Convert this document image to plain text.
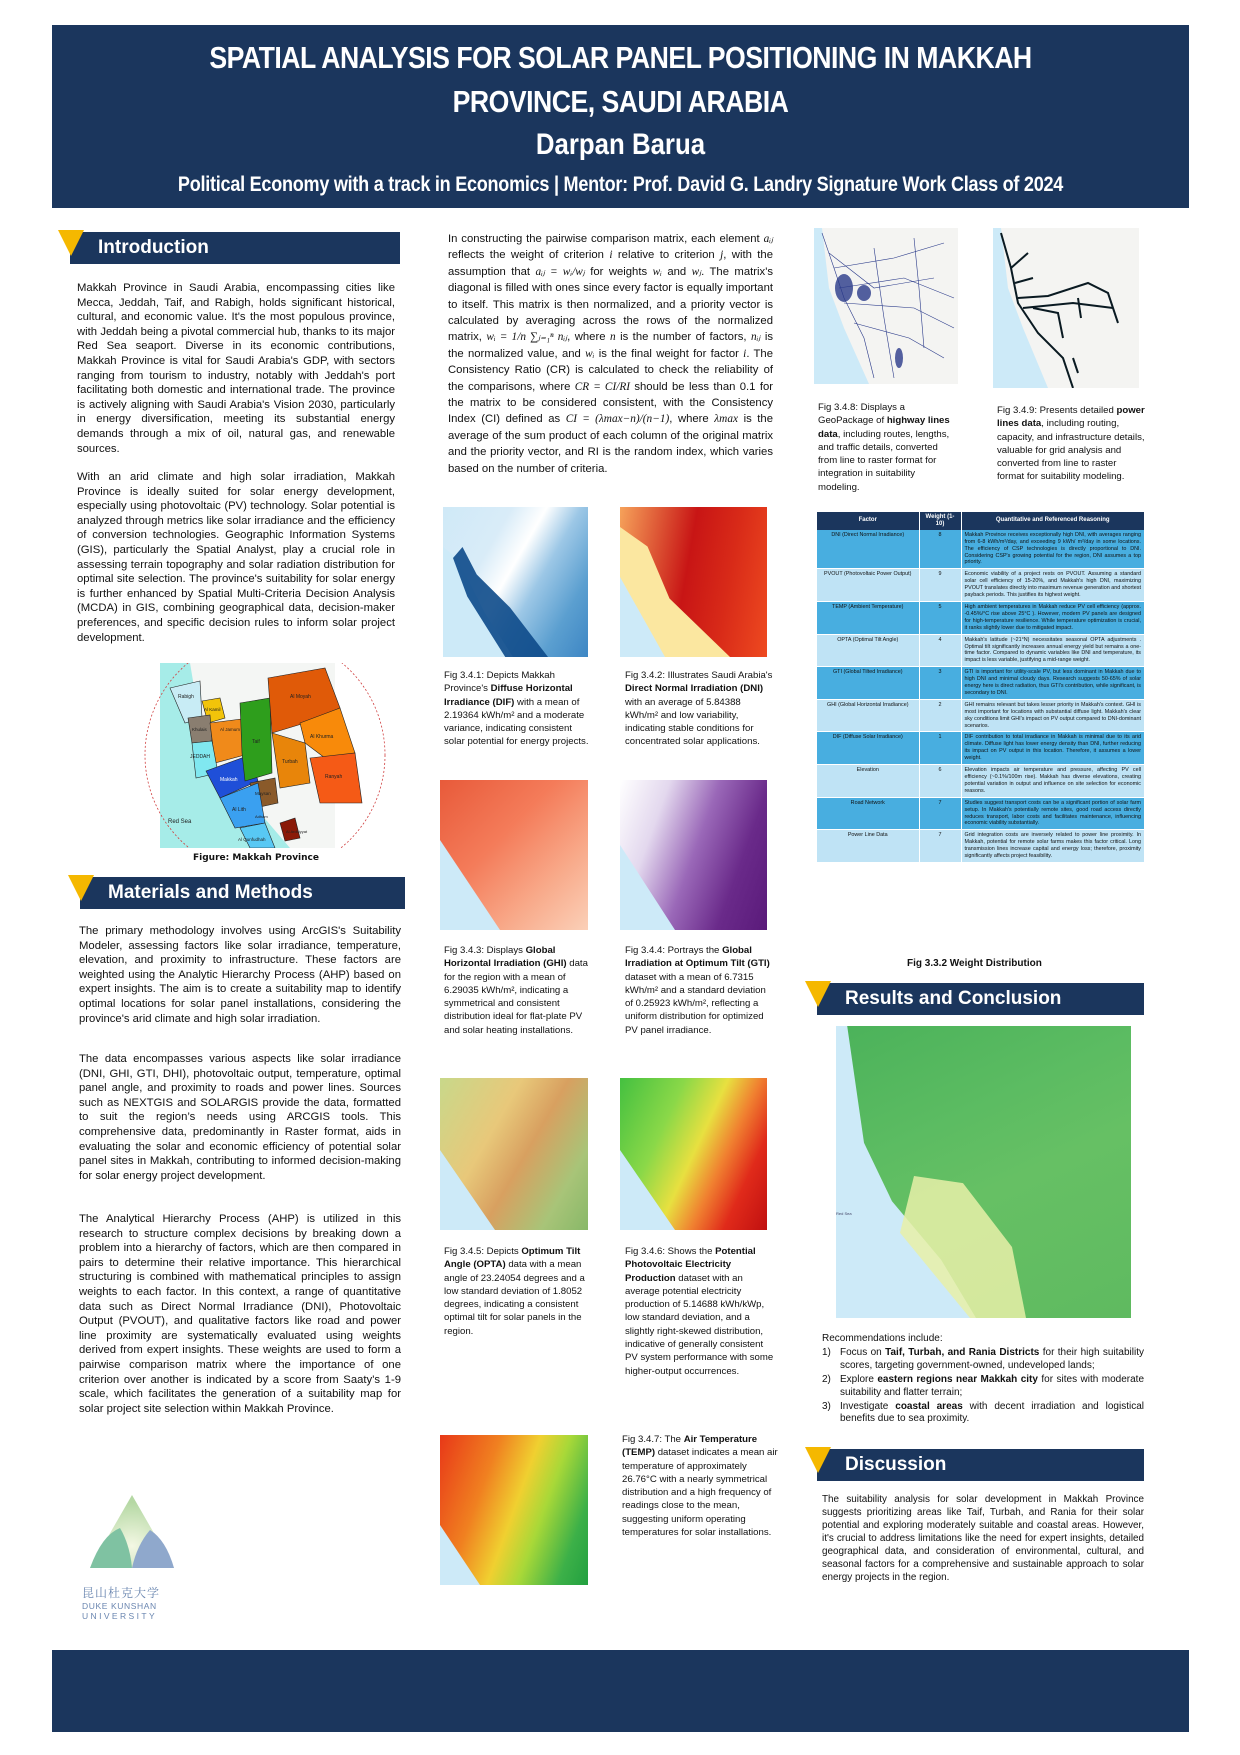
SPATIAL ANALYSIS FOR SOLAR PANEL POSITIONING IN MAKKAH
PROVINCE, SAUDI ARABIA
Darpan Barua
Political Economy with a track in Economics | Mentor: Prof. David G. Landry Signature Work Class of 2024
Introduction
Makkah Province in Saudi Arabia, encompassing cities like Mecca, Jeddah, Taif, and Rabigh, holds significant historical, cultural, and economic value. It's the most populous province, with Jeddah being a pivotal commercial hub, thanks to its major Red Sea seaport. Diverse in its economic contributions, Makkah Province is vital for Saudi Arabia's GDP, with sectors ranging from tourism to industry, notably with Jeddah's port facilitating both domestic and international trade. The province is actively aligning with Saudi Arabia's Vision 2030, particularly in energy diversification, meeting its substantial energy demands through a mix of oil, natural gas, and renewable sources.
With an arid climate and high solar irradiation, Makkah Province is ideally suited for solar energy development, especially using photovoltaic (PV) technology. Solar potential is analyzed through metrics like solar irradiance and the efficiency of conversion technologies. Geographic Information Systems (GIS), particularly the Spatial Analyst, play a crucial role in assessing terrain topography and solar radiation distribution for optimal site selection. The province's suitability for solar energy is further enhanced by Spatial Multi-Criteria Decision Analysis (MCDA) in GIS, combining geographical data, decision-maker preferences, and specific decision rules to inform solar project development.
Rabigh
Al Kamil
Khulais	Al Jamum
JEDDAH
Makkah
Taif
Al Moyah
Al Khurma
Turbah
Ranyah
Maysan
Al Lith
Adham
Al Qunfudhah
Al Ardhiyyat
Red Sea
Figure: Makkah Province
Materials and Methods
The primary methodology involves using ArcGIS's Suitability Modeler, assessing factors like solar irradiance, temperature, elevation, and proximity to infrastructure. These factors are weighted using the Analytic Hierarchy Process (AHP) based on expert insights. The aim is to create a suitability map to identify optimal locations for solar panel installations, considering the province's arid climate and high solar irradiation.
The data encompasses various aspects like solar irradiance (DNI, GHI, GTI, DHI), photovoltaic output, temperature, optimal panel angle, and proximity to roads and power lines. Sources such as NEXTGIS and SOLARGIS provide the data, formatted to suit the region’s needs using ARCGIS tools. This comprehensive data, predominantly in Raster format, aids in evaluating the solar and economic efficiency of potential solar panel sites in Makkah, contributing to informed decision-making for solar energy project development.
The Analytical Hierarchy Process (AHP) is utilized in this research to structure complex decisions by breaking down a problem into a hierarchy of factors, which are then compared in pairs to determine their relative importance. This hierarchical structuring is combined with mathematical principles to assign weights to each factor. In this context, a range of quantitative data such as Direct Normal Irradiance (DNI), Photovoltaic Output (PVOUT), and qualitative factors like road and power line proximity are systematically evaluated using weights derived from expert insights. These weights are used to form a pairwise comparison matrix where the importance of one criterion over another is indicated by a score from Saaty's 1-9 scale, which facilitates the generation of a suitability map for solar project site selection within Makkah Province.
昆山杜克大学
DUKE KUNSHAN
UNIVERSITY
In constructing the pairwise comparison matrix, each element aᵢⱼ reflects the weight of criterion i relative to criterion j, with the assumption that aᵢⱼ = wᵢ/wⱼ for weights wᵢ and wⱼ. The matrix's diagonal is filled with ones since every factor is equally important to itself. This matrix is then normalized, and a priority vector is calculated by averaging across the rows of the normalized matrix, wᵢ = 1/n ∑ⱼ₌₁ⁿ nᵢⱼ, where n is the number of factors, nᵢⱼ is the normalized value, and wᵢ is the final weight for factor i. The Consistency Ratio (CR) is calculated to check the reliability of the comparisons, where CR = CI/RI should be less than 0.1 for the matrix to be considered consistent, with the Consistency Index (CI) defined as CI = (λmax−n)/(n−1), where λmax is the average of the sum product of each column of the original matrix and the priority vector, and RI is the random index, which varies based on the number of criteria.
Fig 3.4.1: Depicts Makkah Province's Diffuse Horizontal Irradiance (DIF) with a mean of 2.19364 kWh/m² and a moderate variance, indicating consistent solar potential for energy projects.
Fig 3.4.2: Illustrates Saudi Arabia's Direct Normal Irradiation (DNI) with an average of 5.84388 kWh/m² and low variability, indicating stable conditions for concentrated solar applications.
Fig 3.4.3: Displays Global Horizontal Irradiation (GHI) data for the region with a mean of 6.29035 kWh/m², indicating a symmetrical and consistent distribution ideal for flat-plate PV and solar heating installations.
Fig 3.4.4: Portrays the Global Irradiation at Optimum Tilt (GTI) dataset with a mean of 6.7315 kWh/m² and a standard deviation of 0.25923 kWh/m², reflecting a uniform distribution for optimized PV panel irradiance.
Fig 3.4.5: Depicts Optimum Tilt Angle (OPTA) data with a mean angle of 23.24054 degrees and a low standard deviation of 1.8052 degrees, indicating a consistent optimal tilt for solar panels in the region.
Fig 3.4.6: Shows the Potential Photovoltaic Electricity Production dataset with an average potential electricity production of 5.14688 kWh/kWp, low standard deviation, and a slightly right-skewed distribution, indicative of generally consistent PV system performance with some higher-output occurrences.
Fig 3.4.7: The Air Temperature (TEMP) dataset indicates a mean air temperature of approximately 26.76°C with a nearly symmetrical distribution and a high frequency of readings close to the mean, suggesting uniform operating temperatures for solar installations.
Fig 3.4.8: Displays a GeoPackage of highway lines data, including routes, lengths, and traffic details, converted from line to raster format for integration in suitability modeling.
Fig 3.4.9: Presents detailed power lines data, including routing, capacity, and infrastructure details, valuable for grid analysis and converted from line to raster format for suitability modeling.
Factor	Weight (1-10)	Quantitative and Referenced Reasoning
DNI (Direct Normal Irradiance)	8	Makkah Province receives exceptionally high DNI, with averages ranging from 6-8 kWh/m²/day, and exceeding 9 kWh/ m²/day in some locations. The efficiency of CSP technologies is directly proportional to DNI. Considering CSP's growing potential for the region, DNI assumes a top priority.
PVOUT (Photovoltaic Power Output)	9	Economic viability of a project rests on PVOUT. Assuming a standard solar cell efficiency of 15-20%, and Makkah's high DNI, maximizing PVOUT translates directly into maximum revenue generation and shortest payback periods. This justifies its highest weight.
TEMP (Ambient Temperature)	5	High ambient temperatures in Makkah reduce PV cell efficiency (approx. -0.45%/°C rise above 25°C ). However, modern PV panels are designed for high-temperature resilience. While temperature optimization is crucial, it ranks slightly lower due to mitigated impact.
OPTA (Optimal Tilt Angle)	4	Makkah's latitude (~21°N) necessitates seasonal OPTA adjustments . Optimal tilt significantly increases annual energy yield but remains a one-time factor. Compared to dynamic variables like DNI and temperature, its impact is less variable, justifying a mid-range weight.
GTI (Global Tilted Irradiance)	3	GTI is important for utility-scale PV, but less dominant in Makkah due to high DNI and minimal cloudy days. Research suggests 50-65% of solar energy here is direct radiation, thus GTI's contribution, while significant, is secondary to DNI.
GHI (Global Horizontal Irradiance)	2	GHI remains relevant but takes lesser priority in Makkah's context. GHI is most important for locations with substantial diffuse light. Makkah's clear sky conditions limit GHI's impact on PV output compared to DNI-dominant scenarios.
DIF (Diffuse Solar Irradiance)	1	DIF contribution to total irradiance in Makkah is minimal due to its arid climate. Diffuse light has lower energy density than DNI, further reducing its impact on PV output in this location. Therefore, it assumes a lower weight.
Elevation	6	Elevation impacts air temperature and pressure, affecting PV cell efficiency (~0.1%/100m rise). Makkah has diverse elevations, creating potential variation in output and influence on site selection for economic reasons.
Road Network	7	Studies suggest transport costs can be a significant portion of solar farm setup. In Makkah's potentially remote sites, good road access directly reduces transport, labor costs and facilitates maintenance, influencing economic viability substantially.
Power Line Data	7	Grid integration costs are inversely related to power line proximity. In Makkah, potential for remote solar farms makes this factor critical. Long transmission lines increase capital and energy loss; therefore, proximity significantly affects project feasibility.
Fig 3.3.2 Weight Distribution
Results and Conclusion
Red Sea
Recommendations include:
1) Focus on Taif, Turbah, and Rania Districts for their high suitability scores, targeting government-owned, undeveloped lands;
2) Explore eastern regions near Makkah city for sites with moderate suitability and flatter terrain;
3) Investigate coastal areas with decent irradiation and logistical benefits due to sea proximity.
Discussion
The suitability analysis for solar development in Makkah Province suggests prioritizing areas like Taif, Turbah, and Rania for their solar potential and exploring moderately suitable and coastal areas. However, it's crucial to address limitations like the need for expert insights, detailed geographical data, and consideration of environmental, cultural, and seasonal factors for a comprehensive and sustainable approach to solar energy projects in the region.
